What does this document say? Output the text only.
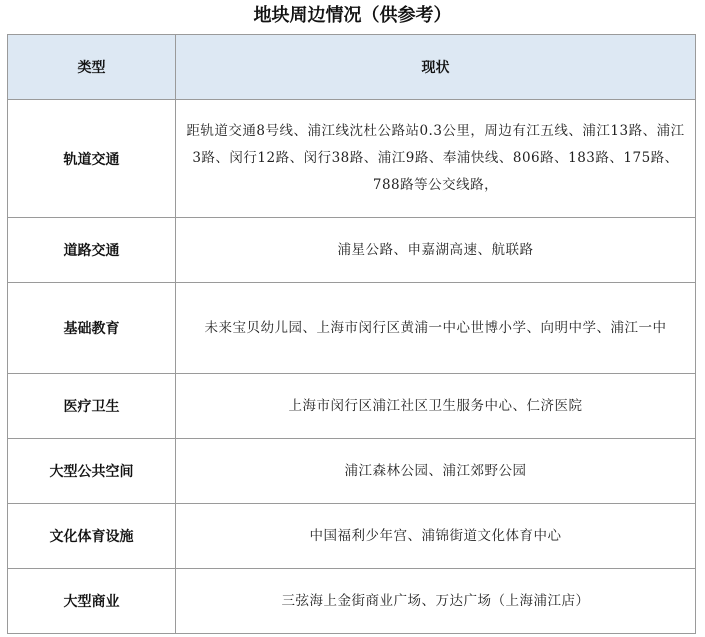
地块周边情况（供参考）
类型	现状
轨道交通	距轨道交通8号线、浦江线沈杜公路站0.3公里，周边有江五线、浦江13路、浦江3路、闵行12路、闵行38路、浦江9路、奉浦快线、806路、183路、175路、788路等公交线路，
道路交通	浦星公路、申嘉湖高速、航联路
基础教育	未来宝贝幼儿园、上海市闵行区黄浦一中心世博小学、向明中学、浦江一中
医疗卫生	上海市闵行区浦江社区卫生服务中心、仁济医院
大型公共空间	浦江森林公园、浦江郊野公园
文化体育设施	中国福利少年宫、浦锦街道文化体育中心
大型商业	三弦海上金街商业广场、万达广场（上海浦江店）
